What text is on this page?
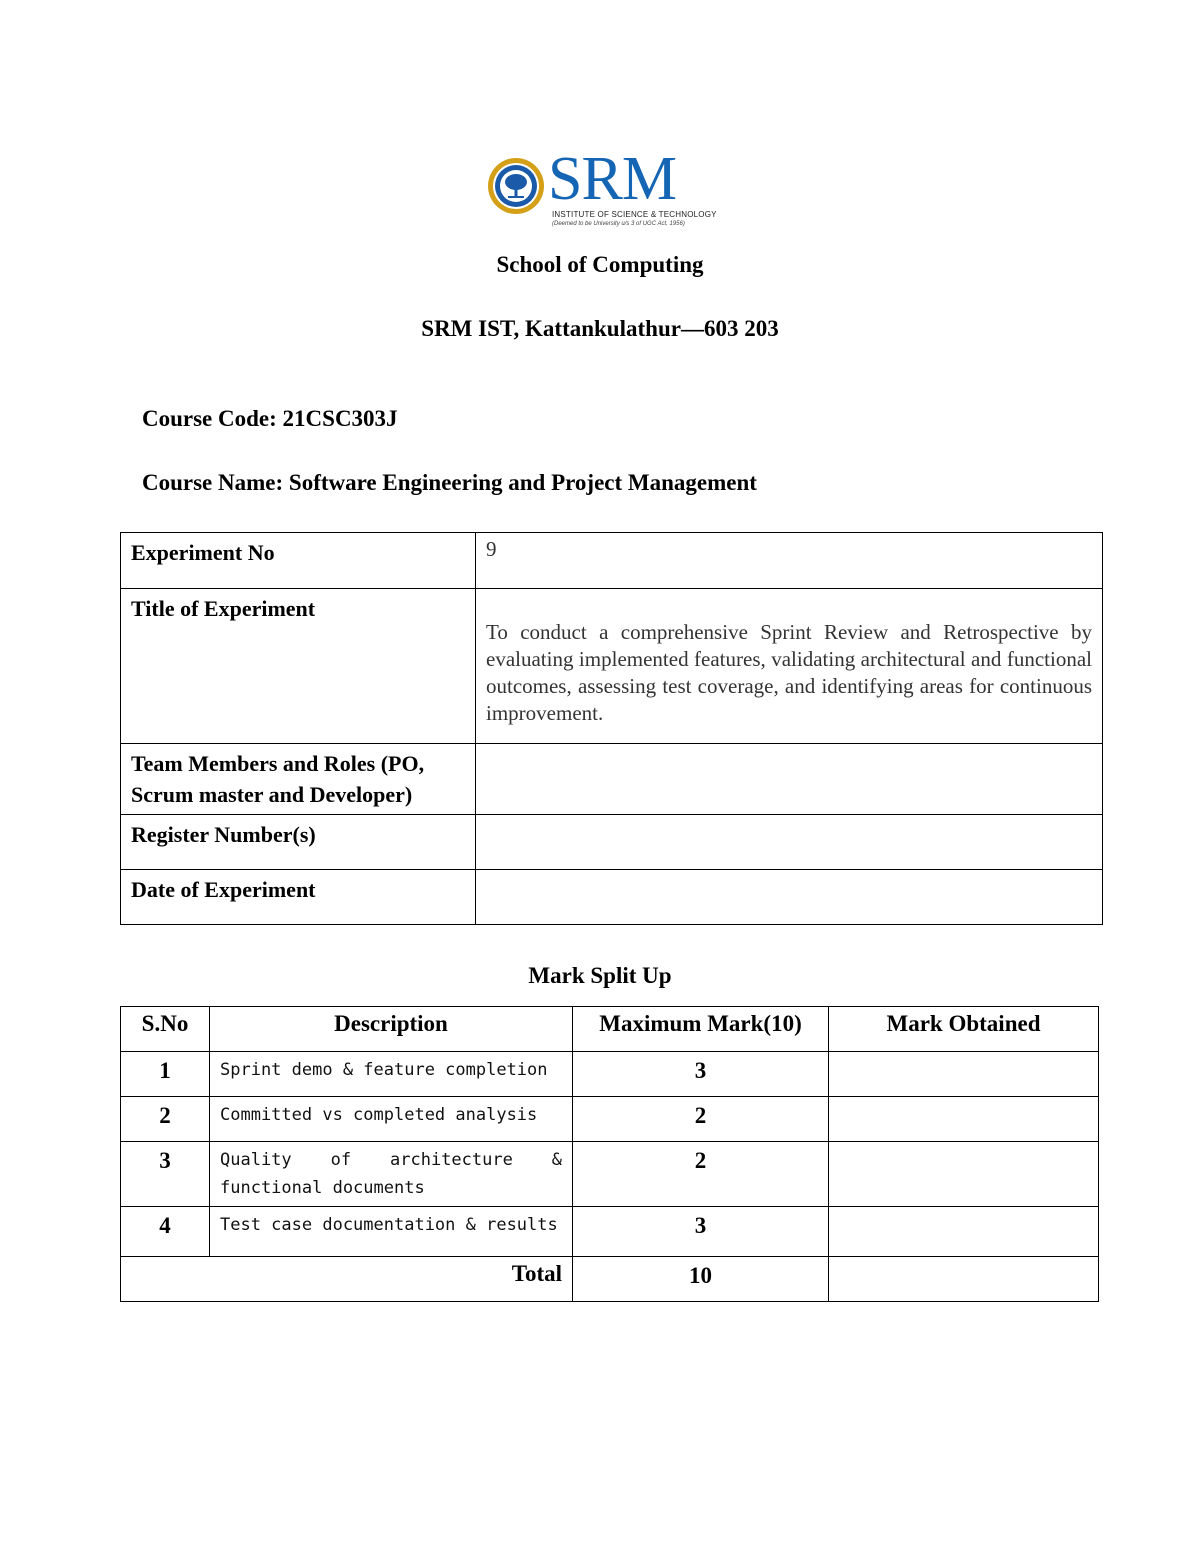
SRM
INSTITUTE OF SCIENCE & TECHNOLOGY
(Deemed to be University u/s 3 of UGC Act, 1956)
School of Computing
SRM IST, Kattankulathur—603 203
Course Code: 21CSC303J
Course Name: Software Engineering and Project Management
Experiment No	9
Title of Experiment	To conduct a comprehensive Sprint Review and Retrospective by evaluating implemented features, validating architectural and functional outcomes, assessing test coverage, and identifying areas for continuous improvement.

Team Members and Roles (PO, Scrum master and Developer)	
Register Number(s)	
Date of Experiment	
Mark Split Up
S.No	Description	Maximum Mark(10)	Mark Obtained
1	Sprint demo & feature completion	3	
2	Committed vs completed analysis	2	
3	Quality of architecture & functional documents	2	
4	Test case documentation & results	3	
Total		10	
